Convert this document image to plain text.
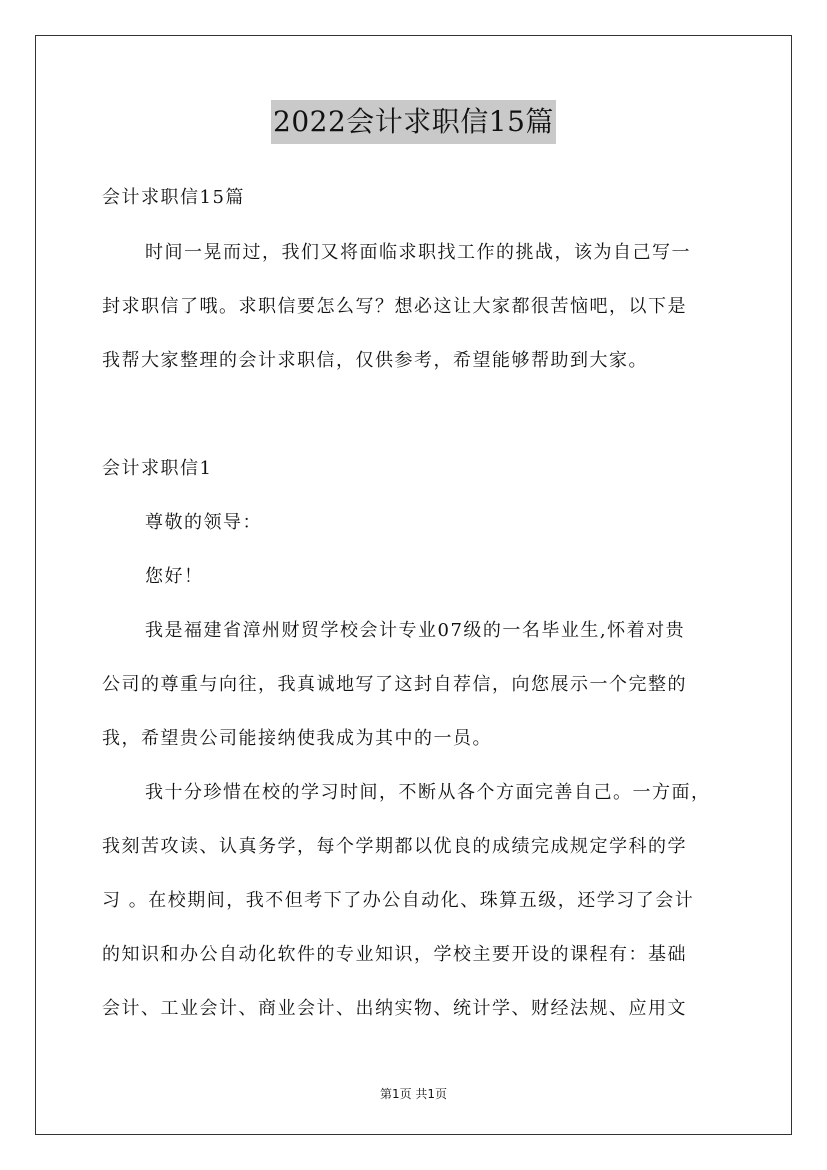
2022会计求职信15篇
会计求职信15篇
时间一晃而过，我们又将面临求职找工作的挑战，该为自己写一
封求职信了哦。求职信要怎么写？想必这让大家都很苦恼吧，以下是
我帮大家整理的会计求职信，仅供参考，希望能够帮助到大家。
会计求职信1
尊敬的领导：
您好！
我是福建省漳州财贸学校会计专业07级的一名毕业生,怀着对贵
公司的尊重与向往，我真诚地写了这封自荐信，向您展示一个完整的
我，希望贵公司能接纳使我成为其中的一员。
我十分珍惜在校的学习时间，不断从各个方面完善自己。一方面，
我刻苦攻读、认真务学，每个学期都以优良的成绩完成规定学科的学
习 。在校期间，我不但考下了办公自动化、珠算五级，还学习了会计
的知识和办公自动化软件的专业知识，学校主要开设的课程有：基础
会计、工业会计、商业会计、出纳实物、统计学、财经法规、应用文
第1页 共1页
